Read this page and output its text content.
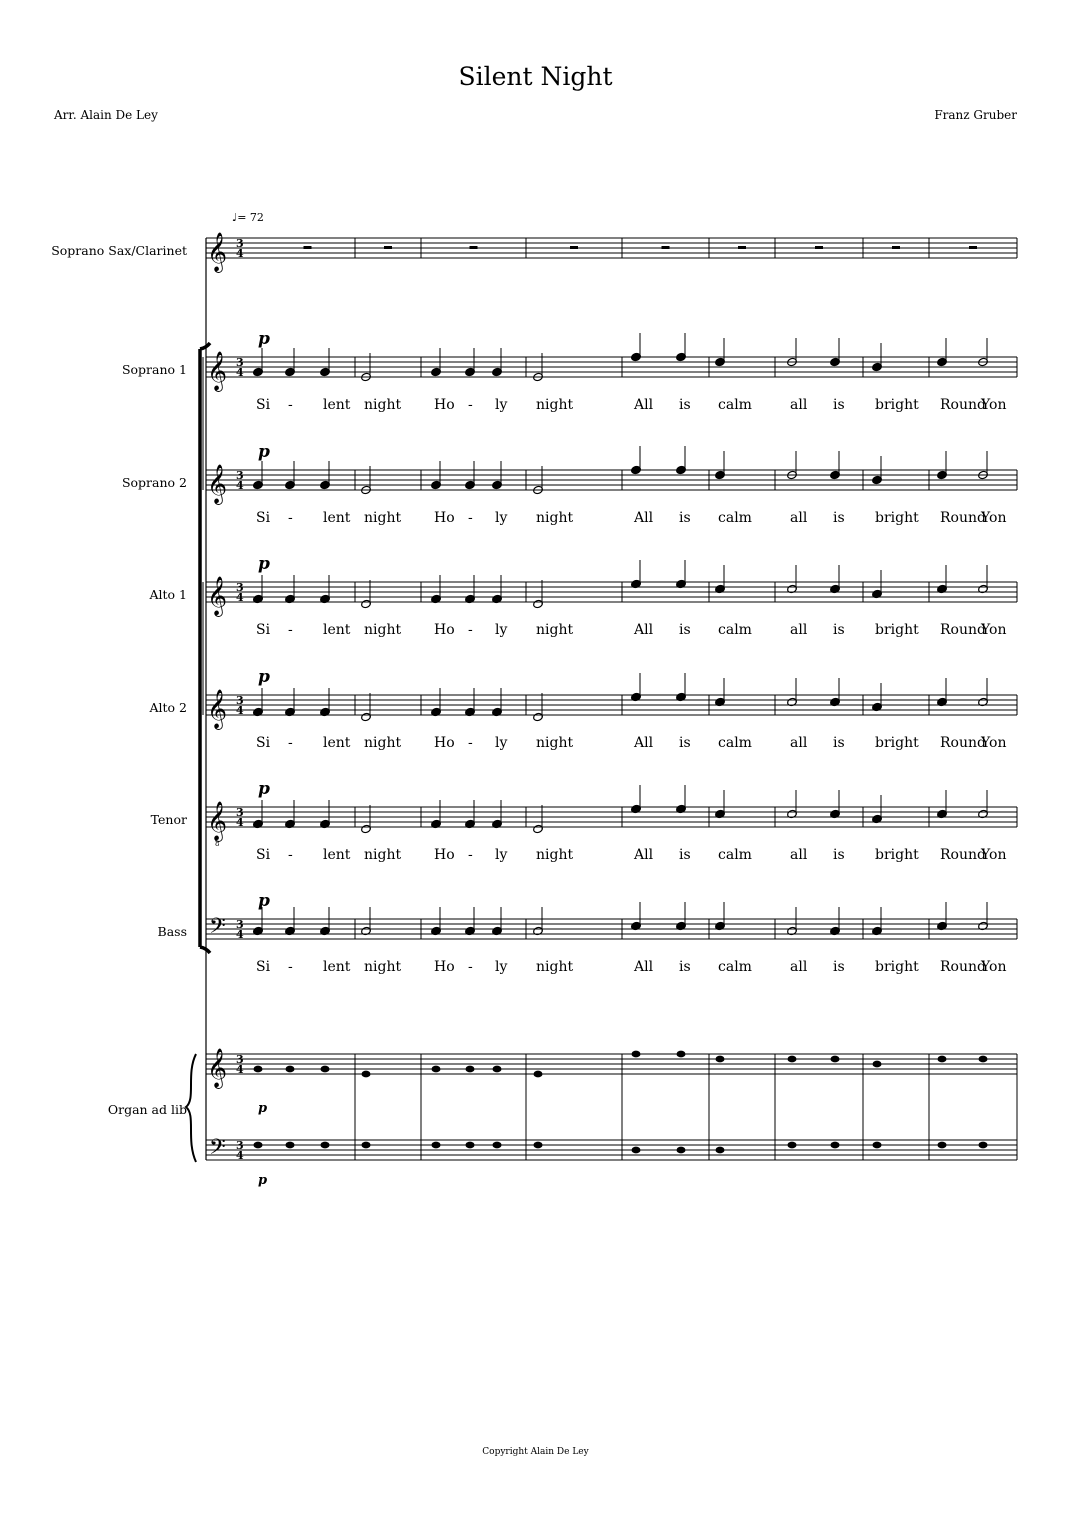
Silent Night
Arr. Alain De Ley	Franz Gruber
♩= 72
𝄞 3
4
𝄞 3
4
p
Si - lent night Ho - ly night	All is calm	all is bright Round
Yon
𝄞 3
4
p
Si - lent night Ho - ly night	All is calm	all is bright Round
Yon
𝄞 3
4
p
Si - lent night Ho - ly night	All is calm	all is bright Round
Yon
𝄞 3
4
p
Si - lent night Ho - ly night	All is calm	all is bright Round
Yon
𝄞
8
3
4
p
Si - lent night Ho - ly night	All is calm	all is bright Round
Yon
𝄢 3
4
p
Si - lent night Ho - ly night	All is calm	all is bright Round
Yon
𝄞
𝄢
3
4
3
4
p
p
Soprano Sax/Clarinet
Soprano 1
Soprano 2
Alto 1
Alto 2
Tenor
Bass
Organ ad lib
Copyright Alain De Ley
